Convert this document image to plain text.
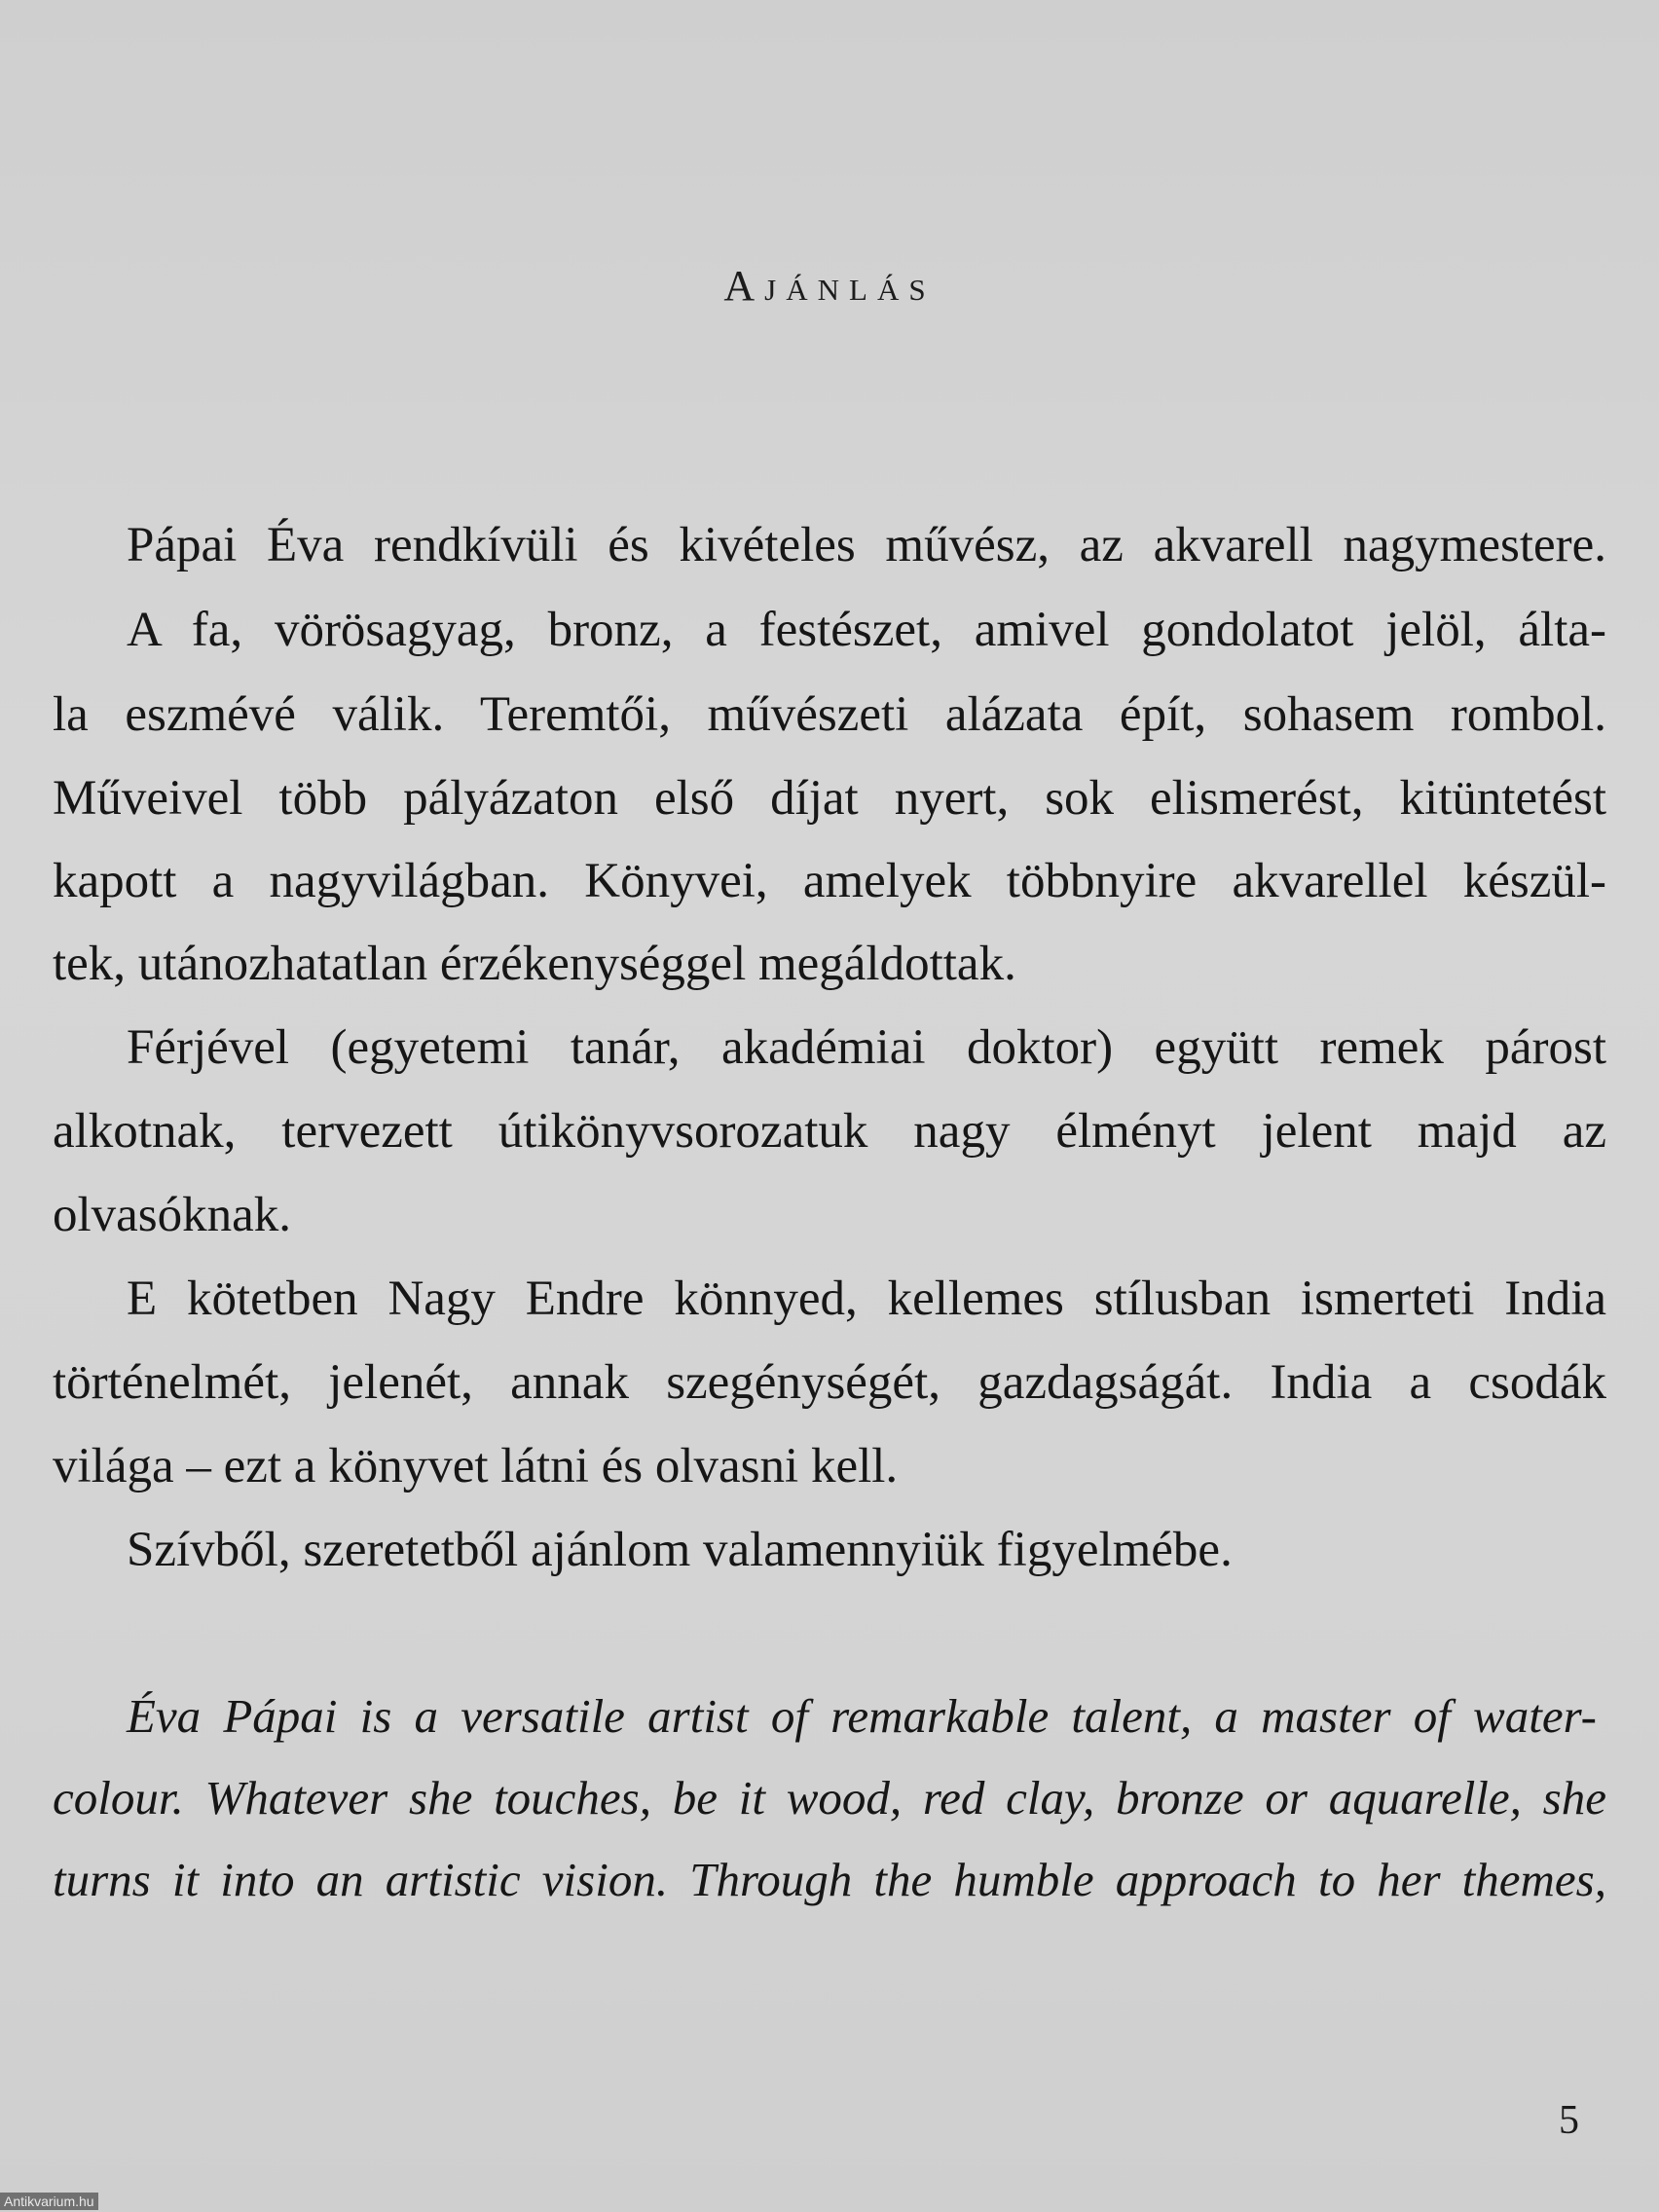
Ajánlás
Pápai Éva rendkívüli és kivételes művész, az akvarell nagymestere.
A fa, vörösagyag, bronz, a festészet, amivel gondolatot jelöl, álta-
la eszmévé válik. Teremtői, művészeti alázata épít, sohasem rombol.
Műveivel több pályázaton első díjat nyert, sok elismerést, kitüntetést
kapott a nagyvilágban. Könyvei, amelyek többnyire akvarellel készül-
tek, utánozhatatlan érzékenységgel megáldottak.
Férjével (egyetemi tanár, akadémiai doktor) együtt remek párost
alkotnak, tervezett útikönyvsorozatuk nagy élményt jelent majd az
olvasóknak.
E kötetben Nagy Endre könnyed, kellemes stílusban ismerteti India
történelmét, jelenét, annak szegénységét, gazdagságát. India a csodák
világa – ezt a könyvet látni és olvasni kell.
Szívből, szeretetből ajánlom valamennyiük figyelmébe.
Éva Pápai is a versatile artist of remarkable talent, a master of water-
colour. Whatever she touches, be it wood, red clay, bronze or aquarelle, she
turns it into an artistic vision. Through the humble approach to her themes,
5
Antikvarium.hu
